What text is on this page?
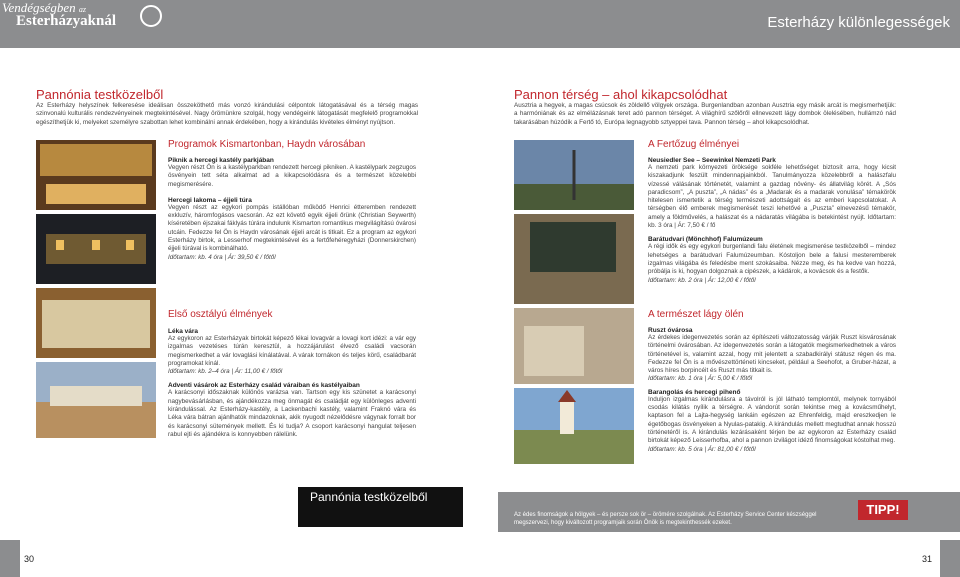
Vendégségben az
Esterházyaknál	Esterházy különlegességek
Pannónia testközelből
Az Esterházy helyszínek felkeresése ideálisan összeköthető más vonzó kirándulási célpontok látogatásával és a térség magas szinvonalú kulturális rendezvényeinek megtekintésével. Nagy örömünkre szolgál, hogy vendégeink látogatását megfelelő programokkal egészíthetjük ki, melyeket személyre szabottan lehet kombinálni annak érdekében, hogy a kirándulás kivételes élményt nyújtson.
Programok Kismartonban, Haydn városában
Piknik a hercegi kastély parkjában
Vegyen részt Ön is a kastélyparkban rendezett hercegi pikniken. A kastélypark zegzugos ösvényein tett séta alkalmat ad a kikapcsolódásra és a természet közelebbi megismerésére.
Hercegi lakoma – éjjeli túra
Vegyen részt az egykori pompás istállóban működő Henrici étteremben rendezett exkluzív, háromfogásos vacsorán. Az ezt követő egyik éjjeli őrünk (Christian Seywerth) kíséretében éjszakai fáklyás túrára indulunk Kismarton romantikus megvilágítású óvárosi utcáin. Fedezze fel Ön is Haydn városának éjjeli arcát is titkait. Ez a program az egykori Esterházy birtok, a Lesserhof megtekintésével és a fertőfehéregyházi (Donnerskirchen) éjjeli túrával is kombinálható.
Időtartam: kb. 4 óra | Ár: 39,50 € / főtől
Első osztályú élmények
Léka vára
Az egykoron az Esterházyak birtokát képező lékai lovagvár a lovagi kort idézi: a vár egy izgalmas vezetéses túrán keresztül, a hozzájárulást élvező családi vacsorán megismerkedhet a vár lovaglási kínálatával. A várak tornákon és teljes körű, családbarát programokat kínál.
Időtartam: kb. 2–4 óra | Ár: 11,00 € / főtől
Adventi vásárok az Esterházy család váraiban és kastélyaiban
A karácsonyi időszaknak különös varázsa van. Tartson egy kis szünetet a karácsonyi nagybevásárlásban, és ajándékozza meg önmagát és családját egy különleges adventi kirándulással. Az Esterházy-kastély, a Lackenbachi kastély, valamint Fraknó vára és Léka vára bátran ajánlhatók mindazoknak, akik nyugodt nézelődésre vágynak forralt bor és karácsonyi sütemények mellett. És ki tudja? A csoport karácsonyi hangulat teljesen rabul ejti és ajándékra is konnyebben rálelünk.
Pannon térség – ahol kikapcsolódhat
Ausztria a hegyek, a magas csúcsok és zöldellő völgyek országa. Burgenlandban azonban Ausztria egy másik arcát is megismerhetjük: a harmóniának és az elmélázásnak teret adó pannon térséget. A világhírű szőlőről ellnevezett lágy dombok ölelésében, hullámzó nád takarásában húzódik a Fertő tó, Európa legnagyobb sztyeppei tava. Pannon térség – ahol kikapcsolódhat.
A Fertőzug élményei
Neusiedler See – Seewinkel Nemzeti Park
A nemzeti park környezeti öröksége sokféle lehetőséget biztosít arra, hogy kicsit kiszakadjunk feszült mindennapjainkból. Tanulmányozza közelebbről a halászfalu vízessé válásának történetét, valamint a gazdag növény- és állatvilág körét. A „Sós paradicsom”, „A puszta”, „A nádas” és a „Madarak és a madarak vonulása” témakörök hitelesen ismertetik a térség természeti adottságait és az emberi kapcsolatokat. A térségben élő emberek megismerését teszi lehetővé a „Puszta” elnevezésű témakör, amely a földművelés, a halászat és a nádaratás világába is betekintést nyújt. Időtartam: kb. 3 óra | Ár: 7,50 € / fő
Barátudvari (Mönchhof) Falumúzeum
A régi idők és egy egykori burgenlandi falu életének megismerése testközelből – mindez lehetséges a barátudvari Falumúzeumban. Kóstoljon bele a falusi mesteremberek izgalmas világába és feledésbe ment szokásaiba. Nézze meg, és ha kedve van hozzá, próbálja is ki, hogyan dolgoznak a cipészek, a kádárok, a kovácsok és a festők.
Időtartam: kb. 2 óra | Ár: 12,00 € / főtől
A természet lágy ölén
Ruszt óvárosa
Az érdekes idegenvezetés során az építészeti változatosság várják Ruszt kisvárosának történelmi óvárosában. Az idegenvezetés során a látogatók megismerkedhetnek a város történetével is, valamint azzal, hogy mit jelentett a szabadkirályi státusz régen és ma. Fedezze fel Ön is a mővészettörténeti kincseket, például a Seehofot, a Gruber-házat, a város híres borpincéit és Ruszt más titkait is.
Időtartam: kb. 1 óra | Ár: 5,00 € / főtől
Barangolás és hercegi pihenő
Induljon izgalmas kirándulásra a távolról is jól látható templomtól, melynek tornyából csodás kilátás nyílik a térségre. A vándorút során tekintse meg a kovácsműhelyt, kaptason fel a Lajta-hegység lankáin egészen az Ehrenfeldig, majd ereszkedjen le égetőbogas ösvényeken a Nyulas-patakig. A kirándulás mellett megtudhat annak hosszú történetéről is. A kirándulás lezárásaként térjen be az egykoron az Esterházy család birtokát képező Leisserhofba, ahol a pannon izvilágot idéző finomságokat kóstolhat meg.
Időtartam: kb. 5 óra | Ár: 81,00 € / főtől
Pannónia testközelből
Az édes finomságok a hölgyek – és persze sok ör – örömére szolgálnak. Az Esterházy Service Center készséggel megszervezi, hogy kiváltozott programjaik során Önök is megtekinthessék ezeket.
TIPP!
30	31
